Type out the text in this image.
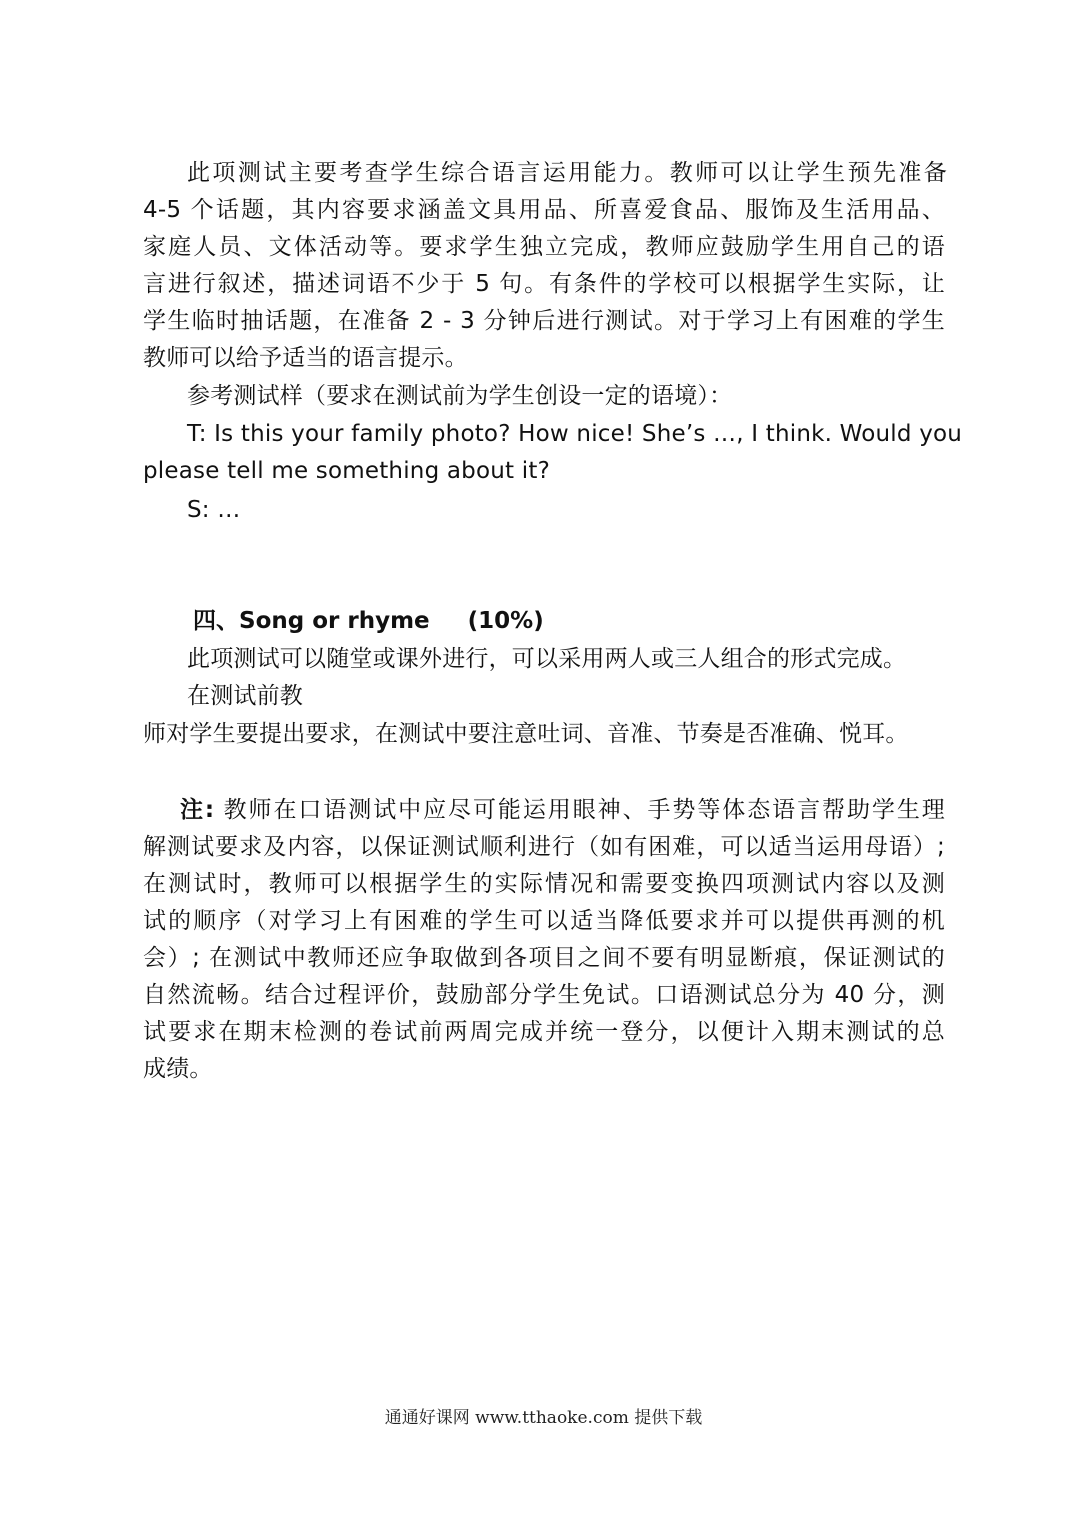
此项测试主要考查学生综合语言运用能力。教师可以让学生预先准备
4-5 个话题，其内容要求涵盖文具用品、所喜爱食品、服饰及生活用品、
家庭人员、文体活动等。要求学生独立完成，教师应鼓励学生用自己的语
言进行叙述，描述词语不少于 5 句。有条件的学校可以根据学生实际，让
学生临时抽话题，在准备 2 - 3 分钟后进行测试。对于学习上有困难的学生
教师可以给予适当的语言提示。
参考测试样（要求在测试前为学生创设一定的语境）：
T: Is this your family photo? How nice! She’s …, I think. Would you
please tell me something about it?
S: …
四、Song or rhyme (10%)
此项测试可以随堂或课外进行，可以采用两人或三人组合的形式完成。
在测试前教
师对学生要提出要求，在测试中要注意吐词、音准、节奏是否准确、悦耳。
注: 教师在口语测试中应尽可能运用眼神、手势等体态语言帮助学生理
解测试要求及内容，以保证测试顺利进行（如有困难，可以适当运用母语）;
在测试时，教师可以根据学生的实际情况和需要变换四项测试内容以及测
试的顺序（对学习上有困难的学生可以适当降低要求并可以提供再测的机
会）; 在测试中教师还应争取做到各项目之间不要有明显断痕，保证测试的
自然流畅。结合过程评价，鼓励部分学生免试。口语测试总分为 40 分，测
试要求在期末检测的卷试前两周完成并统一登分，以便计入期末测试的总
成绩。
通通好课网 www.tthaoke.com 提供下载
